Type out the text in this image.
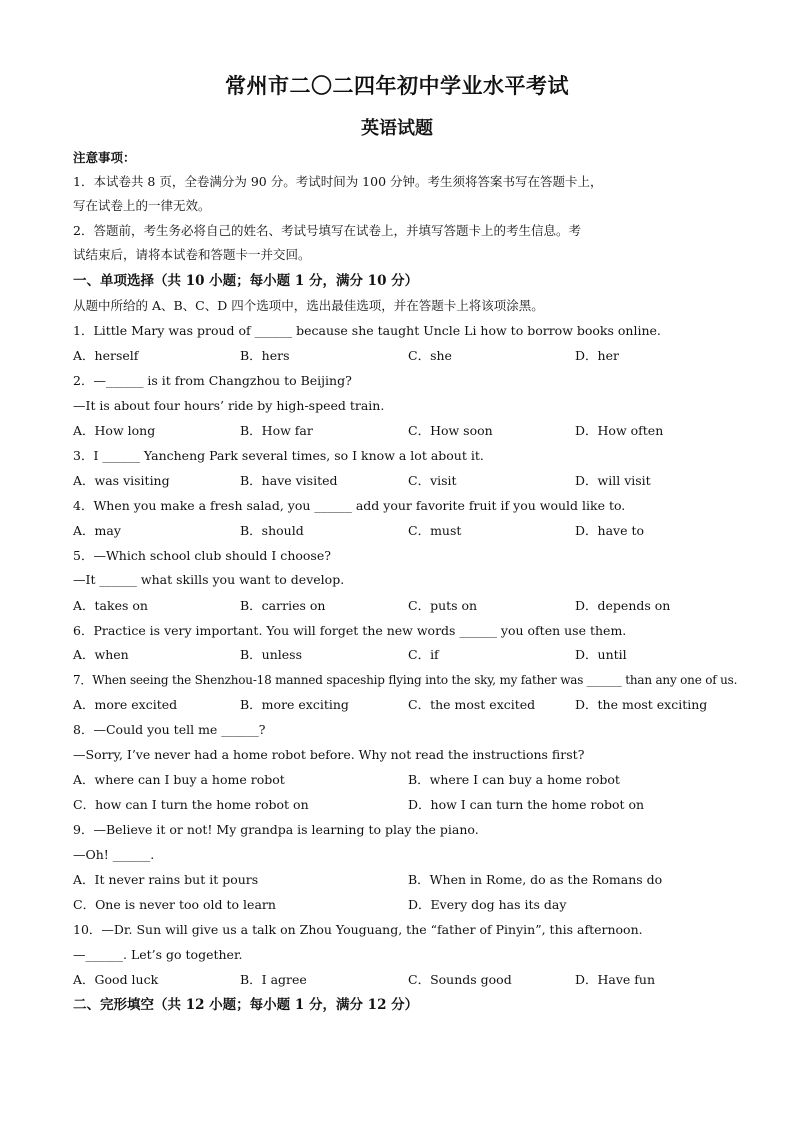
常州市二〇二四年初中学业水平考试
英语试题
注意事项：
1．本试卷共 8 页，全卷满分为 90 分。考试时间为 100 分钟。考生须将答案书写在答题卡上，
写在试卷上的一律无效。
2．答题前，考生务必将自己的姓名、考试号填写在试卷上，并填写答题卡上的考生信息。考
试结束后，请将本试卷和答题卡一并交回。
一、单项选择（共 10 小题；每小题 1 分，满分 10 分）
从题中所给的 A、B、C、D 四个选项中，选出最佳选项，并在答题卡上将该项涂黑。
1．Little Mary was proud of ______ because she taught Uncle Li how to borrow books online.
A．herself	B．hers	C．she	D．her
2．—______ is it from Changzhou to Beijing?
—It is about four hours’ ride by high-speed train.
A．How long	B．How far	C．How soon	D．How often
3．I ______ Yancheng Park several times, so I know a lot about it.
A．was visiting	B．have visited	C．visit	D．will visit
4．When you make a fresh salad, you ______ add your favorite fruit if you would like to.
A．may	B．should	C．must	D．have to
5．—Which school club should I choose?
—It ______ what skills you want to develop.
A．takes on	B．carries on	C．puts on	D．depends on
6．Practice is very important. You will forget the new words ______ you often use them.
A．when	B．unless	C．if	D．until
7．When seeing the Shenzhou-18 manned spaceship flying into the sky, my father was ______ than any one of us.
A．more excited	B．more exciting	C．the most excited	D．the most exciting
8．—Could you tell me ______?
—Sorry, I’ve never had a home robot before. Why not read the instructions first?
A．where can I buy a home robot	B．where I can buy a home robot
C．how can I turn the home robot on	D．how I can turn the home robot on
9．—Believe it or not! My grandpa is learning to play the piano.
—Oh! ______.
A．It never rains but it pours	B．When in Rome, do as the Romans do
C．One is never too old to learn	D．Every dog has its day
10．—Dr. Sun will give us a talk on Zhou Youguang, the “father of Pinyin”, this afternoon.
—______. Let’s go together.
A．Good luck	B．I agree	C．Sounds good	D．Have fun
二、完形填空（共 12 小题；每小题 1 分，满分 12 分）
